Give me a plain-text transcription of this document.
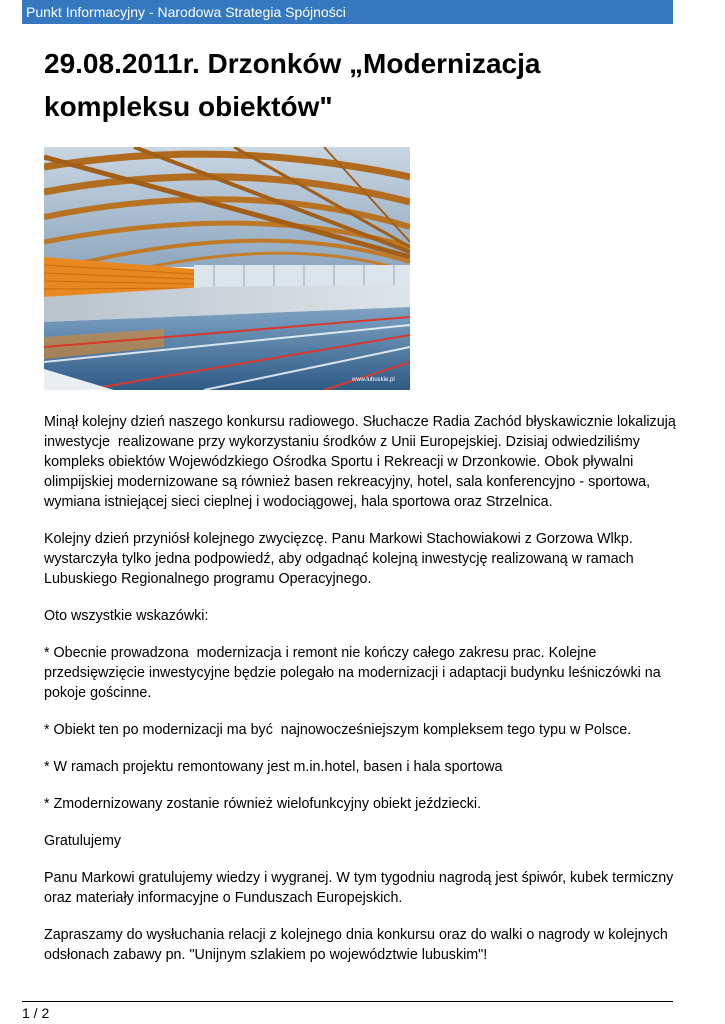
Punkt Informacyjny - Narodowa Strategia Spójności
29.08.2011r. Drzonków „Modernizacja kompleksu obiektów"
www.lubuskie.pl

Minął kolejny dzień naszego konkursu radiowego. Słuchacze Radia Zachód błyskawicznie lokalizują  inwestycje  realizowane przy wykorzystaniu środków z Unii Europejskiej. Dzisiaj odwiedziliśmy kompleks obiektów Wojewódzkiego Ośrodka Sportu i Rekreacji w Drzonkowie. Obok pływalni olimpijskiej modernizowane są również basen rekreacyjny, hotel, sala konferencyjno - sportowa, wymiana istniejącej sieci cieplnej i wodociągowej, hala sportowa oraz Strzelnica.

Kolejny dzień przyniósł kolejnego zwycięzcę. Panu Markowi Stachowiakowi z Gorzowa Wlkp. wystarczyła tylko jedna podpowiedź, aby odgadnąć kolejną inwestycję realizowaną w ramach Lubuskiego Regionalnego programu Operacyjnego.

Oto wszystkie wskazówki:

* Obecnie prowadzona  modernizacja i remont nie kończy całego zakresu prac. Kolejne przedsięwzięcie inwestycyjne będzie polegało na modernizacji i adaptacji budynku leśniczówki na pokoje gościnne.

* Obiekt ten po modernizacji ma być  najnowocześniejszym kompleksem tego typu w Polsce.

* W ramach projektu remontowany jest m.in.hotel, basen i hala sportowa

* Zmodernizowany zostanie również wielofunkcyjny obiekt jeździecki.

Gratulujemy

Panu Markowi gratulujemy wiedzy i wygranej. W tym tygodniu nagrodą jest śpiwór, kubek termiczny oraz materiały informacyjne o Funduszach Europejskich.

Zapraszamy do wysłuchania relacji z kolejnego dnia konkursu oraz do walki o nagrody w kolejnych odsłonach zabawy pn. "Unijnym szlakiem po województwie lubuskim"!

1 / 2
